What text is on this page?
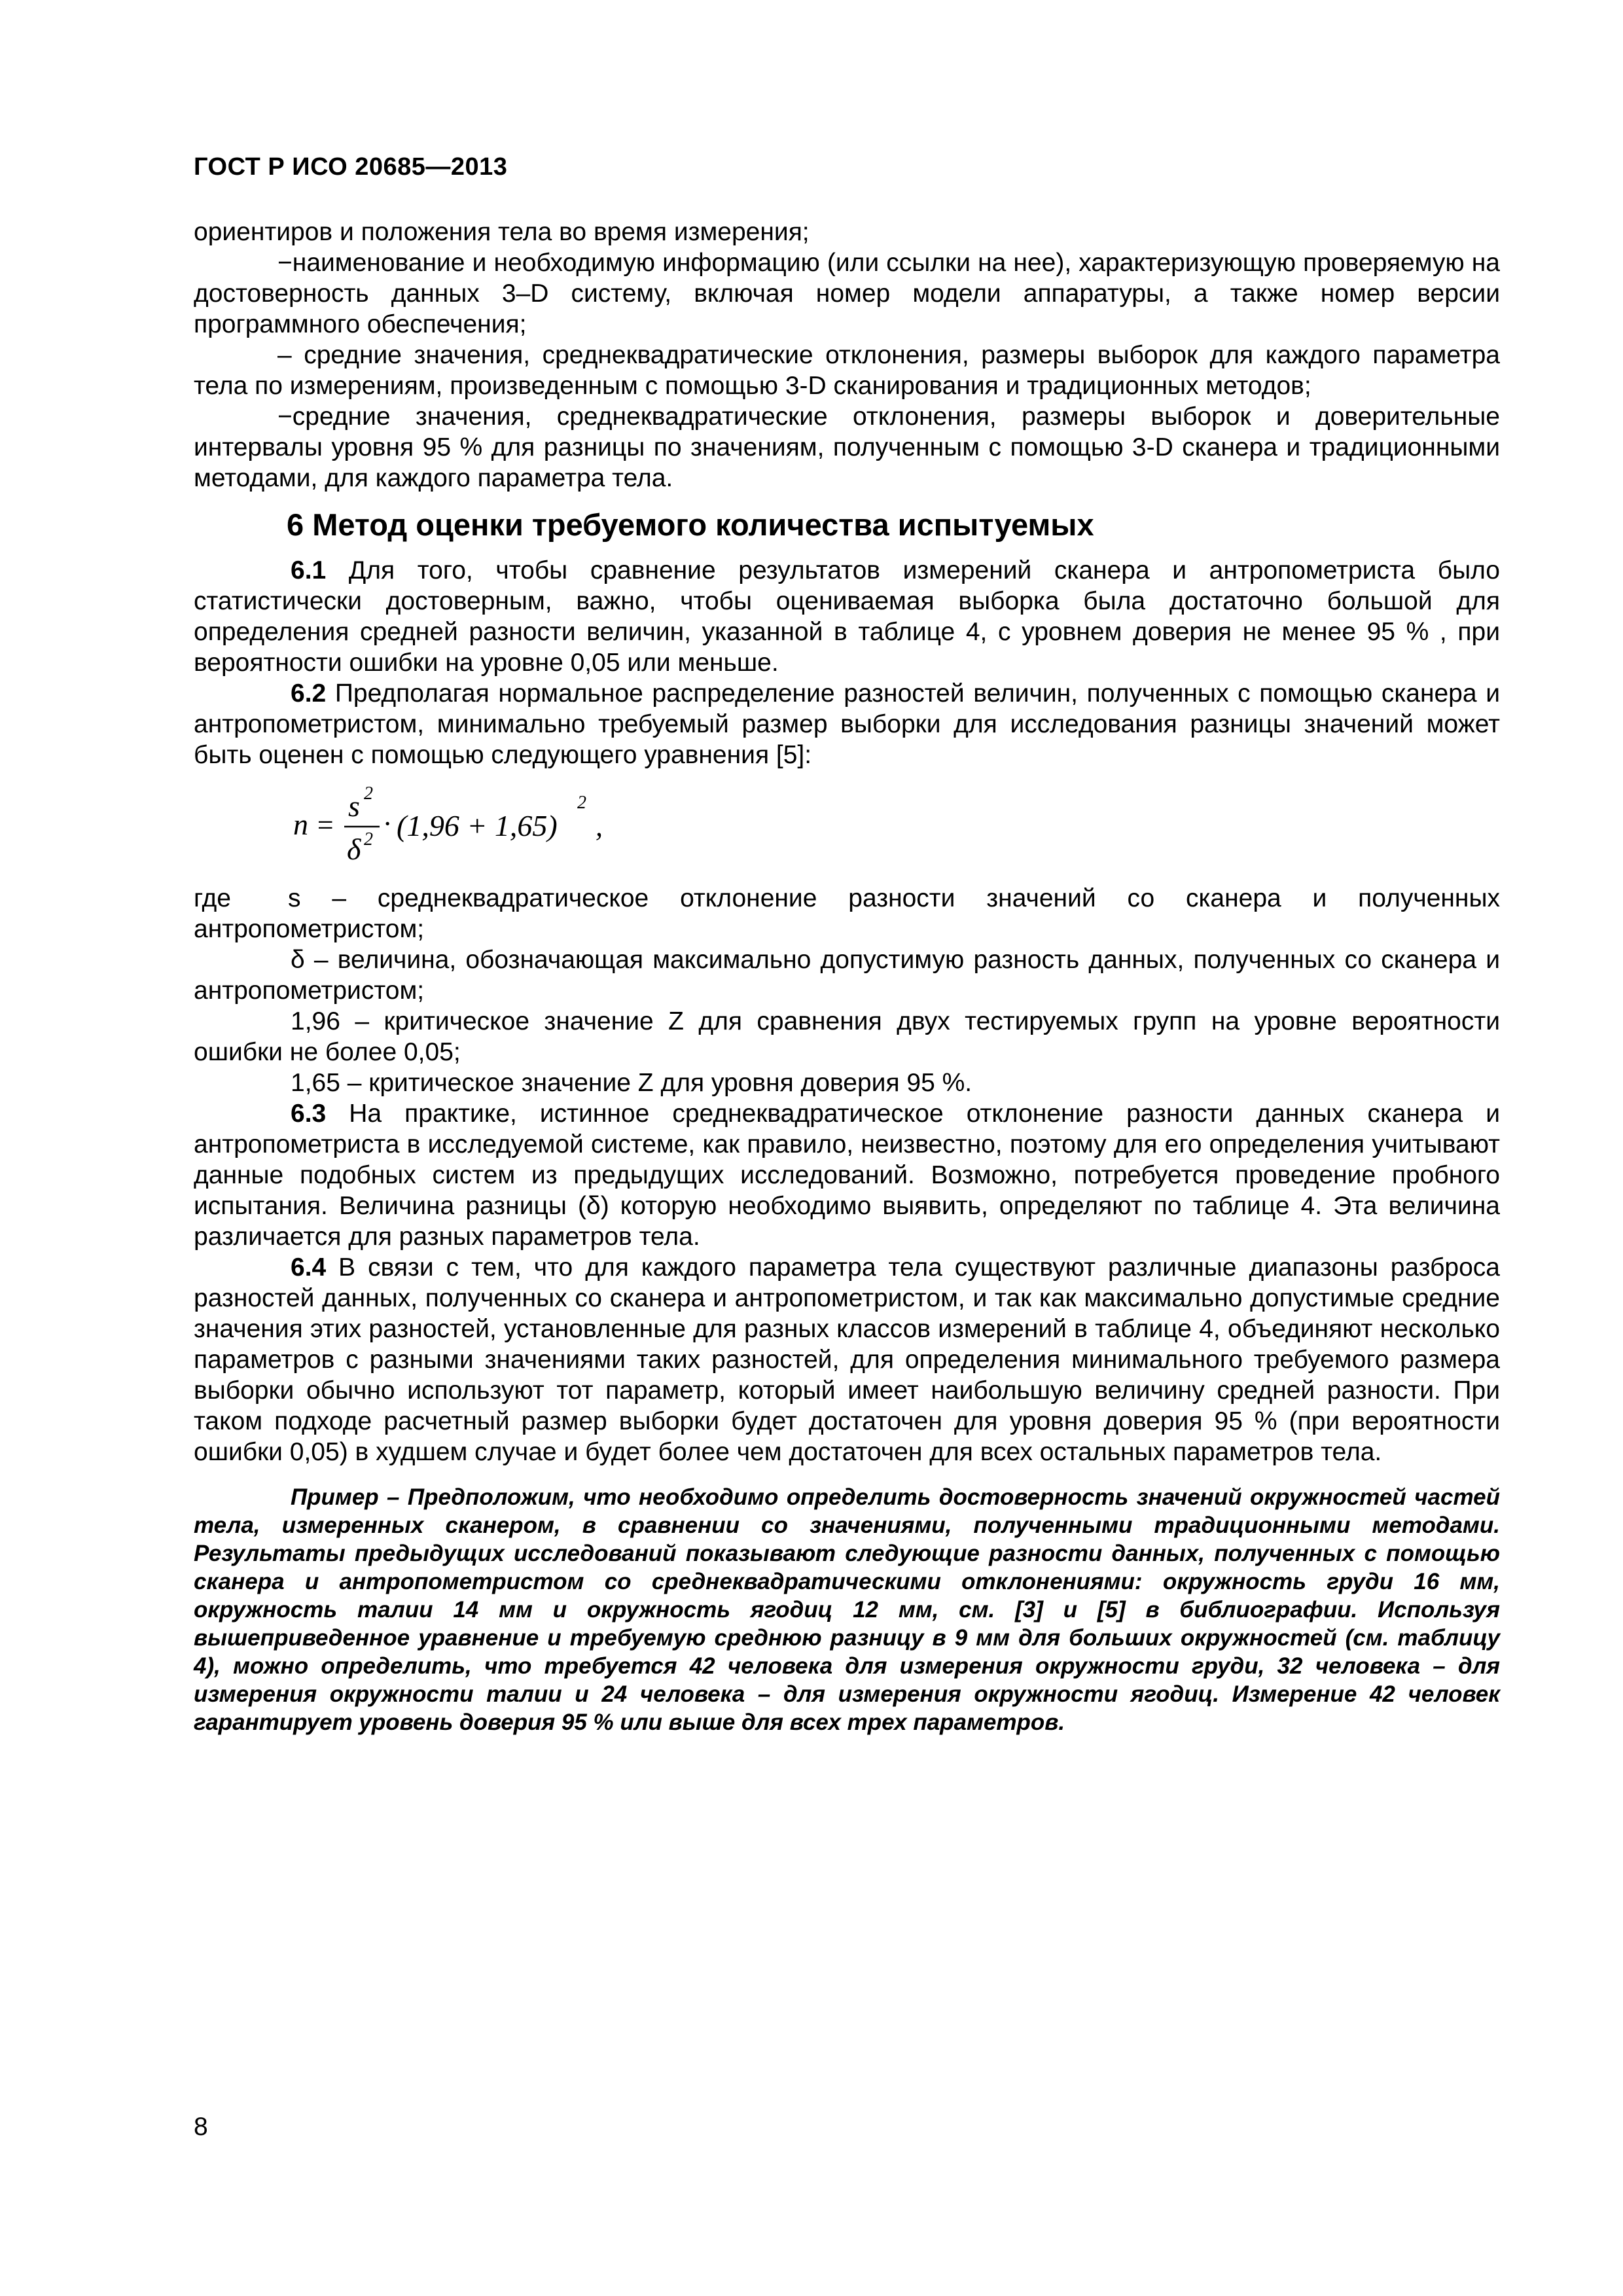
ГОСТ Р ИСО 20685—2013

ориентиров и положения тела во время измерения;

−наименование и необходимую информацию (или ссылки на нее), характеризующую проверяемую на достоверность данных 3–D систему, включая номер модели аппаратуры, а также номер версии программного обеспечения;

– средние значения, среднеквадратические отклонения, размеры выборок для каждого параметра тела по измерениям, произведенным с помощью 3-D сканирования и традиционных методов;

−средние значения, среднеквадратические отклонения, размеры выборок и доверительные интервалы уровня 95 % для разницы по значениям, полученным с помощью 3-D сканера и традиционными методами, для каждого параметра тела.

6 Метод оценки требуемого количества испытуемых

6.1 Для того, чтобы сравнение результатов измерений сканера и антропометриста было статистически достоверным, важно, чтобы оцениваемая выборка была достаточно большой для определения средней разности величин, указанной в таблице 4, с уровнем доверия не менее 95 % , при вероятности ошибки на уровне 0,05 или меньше.

6.2 Предполагая нормальное распределение разностей величин, полученных с помощью сканера и антропометристом, минимально требуемый размер выборки для исследования разницы значений может быть оценен с помощью следующего уравнения [5]:

n =
s 2
δ 2 · (1,96 + 1,65)
2
,

где s – среднеквадратическое отклонение разности значений со сканера и полученных антропометристом;

δ – величина, обозначающая максимально допустимую разность данных, полученных со сканера и антропометристом;

1,96 – критическое значение Z для сравнения двух тестируемых групп на уровне вероятности ошибки не более 0,05;

1,65 – критическое значение Z для уровня доверия 95 %.

6.3 На практике, истинное среднеквадратическое отклонение разности данных сканера и антропометриста в исследуемой системе, как правило, неизвестно, поэтому для его определения учитывают данные подобных систем из предыдущих исследований. Возможно, потребуется проведение пробного испытания. Величина разницы (δ) которую необходимо выявить, определяют по таблице 4. Эта величина различается для разных параметров тела.

6.4 В связи с тем, что для каждого параметра тела существуют различные диапазоны разброса разностей данных, полученных со сканера и антропометристом, и так как максимально допустимые средние значения этих разностей, установленные для разных классов измерений в таблице 4, объединяют несколько параметров с разными значениями таких разностей, для определения минимального требуемого размера выборки обычно используют тот параметр, который имеет наибольшую величину средней разности. При таком подходе расчетный размер выборки будет достаточен для уровня доверия 95 % (при вероятности ошибки 0,05) в худшем случае и будет более чем достаточен для всех остальных параметров тела.

Пример – Предположим, что необходимо определить достоверность значений окружностей частей тела, измеренных сканером, в сравнении со значениями, полученными традиционными методами. Результаты предыдущих исследований показывают следующие разности данных, полученных с помощью сканера и антропометристом со среднеквадратическими отклонениями: окружность груди 16 мм, окружность талии 14 мм и окружность ягодиц 12 мм, см. [3] и [5] в библиографии. Используя вышеприведенное уравнение и требуемую среднюю разницу в 9 мм для больших окружностей (см. таблицу 4), можно определить, что требуется 42 человека для измерения окружности груди, 32 человека – для измерения окружности талии и 24 человека – для измерения окружности ягодиц. Измерение 42 человек гарантирует уровень доверия 95 % или выше для всех трех параметров.

8
